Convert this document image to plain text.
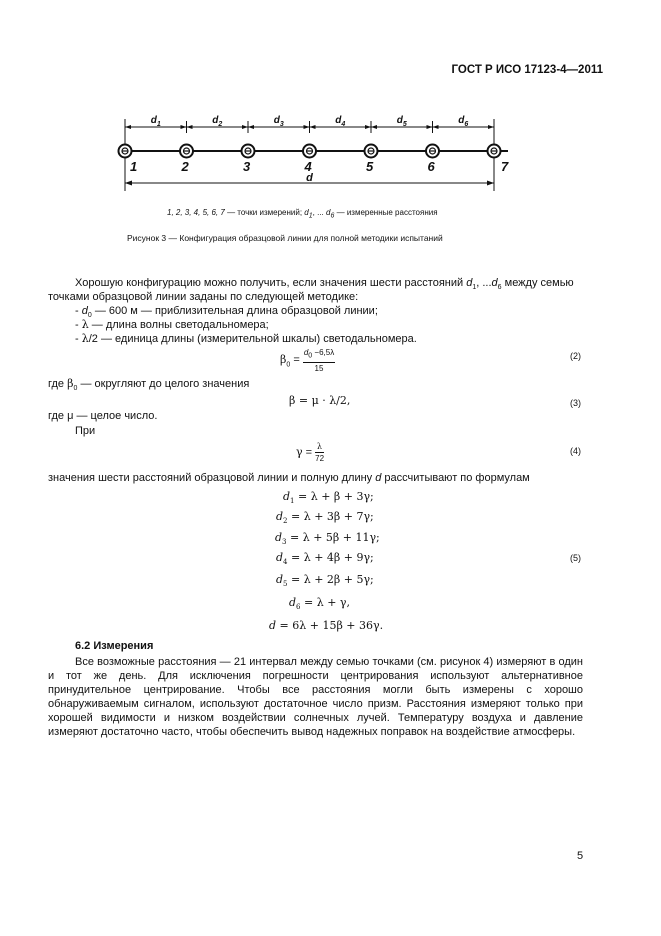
ГОСТ Р ИСО 17123-4—2011
1	2	3	4	5	6	7
$d_1$	$d_2$	$d_3$	$d_4$	$d_5$	$d_6$
d
1, 2, 3, 4, 5, 6, 7 — точки измерений; $d_1$, ... $d_6$ — измеренные расстояния
Рисунок 3 — Конфигурация образцовой линии для полной методики испытаний
Хорошую конфигурацию можно получить, если значения шести расстояний $d_1$, $...d_6$ между семью
точками образцовой линии заданы по следующей методике:
- $d_0$ — 600 м — приблизительная длина образцовой линии;
- λ — длина волны светодальномера;
- λ/2 — единица длины (измерительной шкалы) светодальномера.
$\beta_0 = \frac{d_0 -6,5\lambda}{15}$	(2)
где $\beta_0$ — округляют до целого значения
β = μ · λ/2,	(3)
где μ — целое число.
При
$\gamma = \frac{\lambda}{72}$	(4)
значения шести расстояний образцовой линии и полную длину d рассчитывают по формулам
$d_1 = \lambda + \beta + 3\gamma$;
$d_2 = \lambda + 3\beta + 7\gamma$;
$d_3 = \lambda + 5\beta + 11\gamma$;
$d_4 = \lambda + 4\beta + 9\gamma$;
$d_5 = \lambda + 2\beta + 5\gamma$;
$d_6 = \lambda + \gamma$,
d = 6λ + 15β + 36γ.
(5)
6.2 Измерения
Все возможные расстояния — 21 интервал между семью точками (см. рисунок 4) измеряют в один и тот же день. Для исключения погрешности центрирования используют альтернативное принудительное центрирование. Чтобы все расстояния могли быть измерены с хорошо обнаруживаемым сигналом, используют достаточное число призм. Расстояния измеряют только при хорошей видимости и низком воздействии солнечных лучей. Температуру воздуха и давление измеряют достаточно часто, чтобы обеспечить вывод надежных поправок на воздействие атмосферы.
5
